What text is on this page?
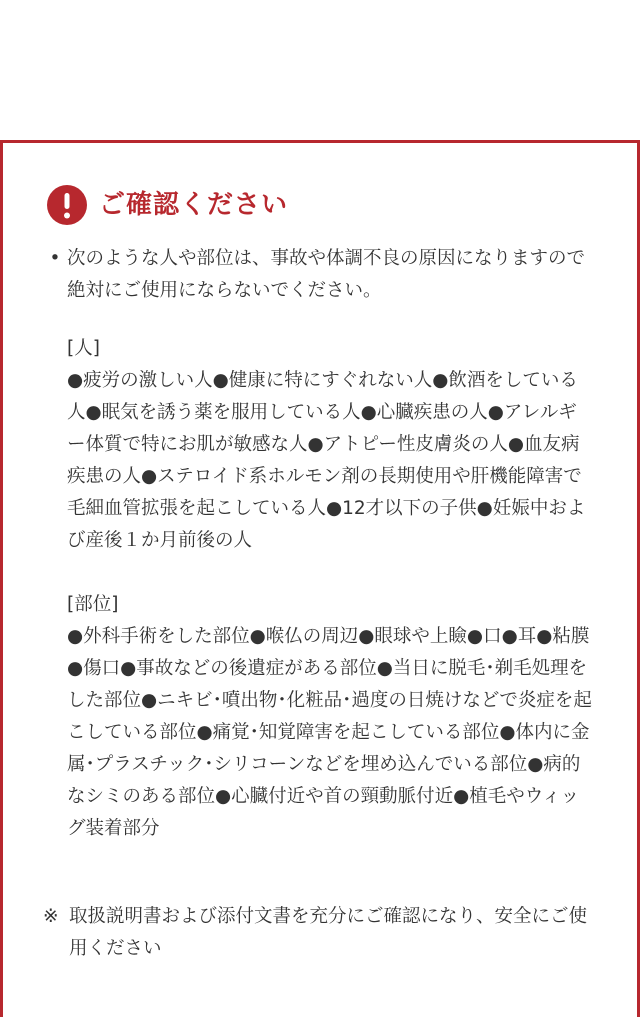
ご確認ください
• 次のような人や部位は、事故や体調不良の原因になりますので絶対にご使用にならないでください。
[人]
●疲労の激しい人●健康に特にすぐれない人●飲酒をしている人●眠気を誘う薬を服用している人●心臓疾患の人●アレルギー体質で特にお肌が敏感な人●アトピー性皮膚炎の人●血友病疾患の人●ステロイド系ホルモン剤の長期使用や肝機能障害で毛細血管拡張を起こしている人●12才以下の子供●妊娠中および産後１か月前後の人
[部位]
●外科手術をした部位●喉仏の周辺●眼球や上瞼●口●耳●粘膜●傷口●事故などの後遺症がある部位●当日に脱毛･剃毛処理をした部位●ニキビ･噴出物･化粧品･過度の日焼けなどで炎症を起こしている部位●痛覚･知覚障害を起こしている部位●体内に金属･プラスチック･シリコーンなどを埋め込んでいる部位●病的なシミのある部位●心臓付近や首の頸動脈付近●植毛やウィッグ装着部分
※ 取扱説明書および添付文書を充分にご確認になり、安全にご使用ください
